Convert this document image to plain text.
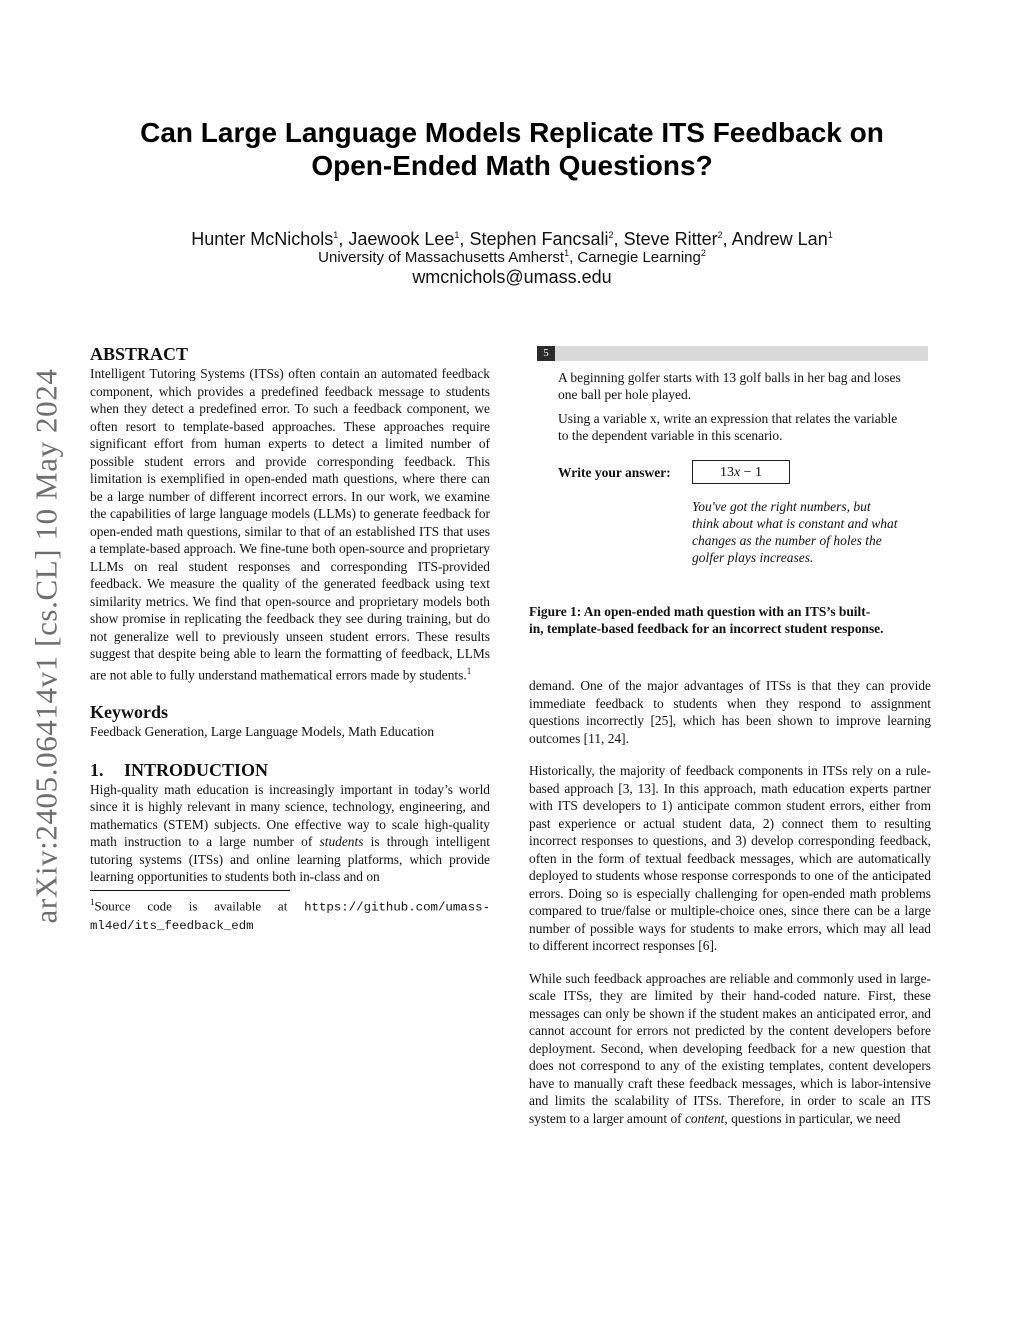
arXiv:2405.06414v1 [cs.CL] 10 May 2024
Can Large Language Models Replicate ITS Feedback on
Open-Ended Math Questions?
Hunter McNichols$^1$, Jaewook Lee$^1$, Stephen Fancsali$^2$, Steve Ritter$^2$, Andrew Lan$^1$
University of Massachusetts Amherst$^1$, Carnegie Learning$^2$
wmcnichols@umass.edu
ABSTRACT

Intelligent Tutoring Systems (ITSs) often contain an automated feedback component, which provides a predefined feedback message to students when they detect a predefined error. To such a feedback component, we often resort to template-based approaches. These approaches require significant effort from human experts to detect a limited number of possible student errors and provide corresponding feedback. This limitation is exemplified in open-ended math questions, where there can be a large number of different incorrect errors. In our work, we examine the capabilities of large language models (LLMs) to generate feedback for open-ended math questions, similar to that of an established ITS that uses a template-based approach. We fine-tune both open-source and proprietary LLMs on real student responses and corresponding ITS-provided feedback. We measure the quality of the generated feedback using text similarity metrics. We find that open-source and proprietary models both show promise in replicating the feedback they see during training, but do not generalize well to previously unseen student errors. These results suggest that despite being able to learn the formatting of feedback, LLMs are not able to fully understand mathematical errors made by students.$^1$

Keywords

Feedback Generation, Large Language Models, Math Education

1. INTRODUCTION

High-quality math education is increasingly important in today’s world since it is highly relevant in many science, technology, engineering, and mathematics (STEM) subjects. One effective way to scale high-quality math instruction to a large number of students is through intelligent tutoring systems (ITSs) and online learning platforms, which provide learning opportunities to students both in-class and on

$^1$Source code is available at https://github.com/umass-ml4ed/its_feedback_edm
5
A beginning golfer starts with 13 golf balls in her bag and loses
one ball per hole played.
Using a variable x, write an expression that relates the variable
to the dependent variable in this scenario.
Write your answer:	13x − 1
You've got the right numbers, but
think about what is constant and what
changes as the number of holes the
golfer plays increases.
Figure 1: An open-ended math question with an ITS’s built-
in, template-based feedback for an incorrect student response.

demand. One of the major advantages of ITSs is that they can provide immediate feedback to students when they respond to assignment questions incorrectly [25], which has been shown to improve learning outcomes [11, 24].

Historically, the majority of feedback components in ITSs rely on a rule-based approach [3, 13]. In this approach, math education experts partner with ITS developers to 1) anticipate common student errors, either from past experience or actual student data, 2) connect them to resulting incorrect responses to questions, and 3) develop corresponding feedback, often in the form of textual feedback messages, which are automatically deployed to students whose response corresponds to one of the anticipated errors. Doing so is especially challenging for open-ended math problems compared to true/false or multiple-choice ones, since there can be a large number of possible ways for students to make errors, which may all lead to different incorrect responses [6].

While such feedback approaches are reliable and commonly used in large-scale ITSs, they are limited by their hand-coded nature. First, these messages can only be shown if the student makes an anticipated error, and cannot account for errors not predicted by the content developers before deployment. Second, when developing feedback for a new question that does not correspond to any of the existing templates, content developers have to manually craft these feedback messages, which is labor-intensive and limits the scalability of ITSs. Therefore, in order to scale an ITS system to a larger amount of content, questions in particular, we need
